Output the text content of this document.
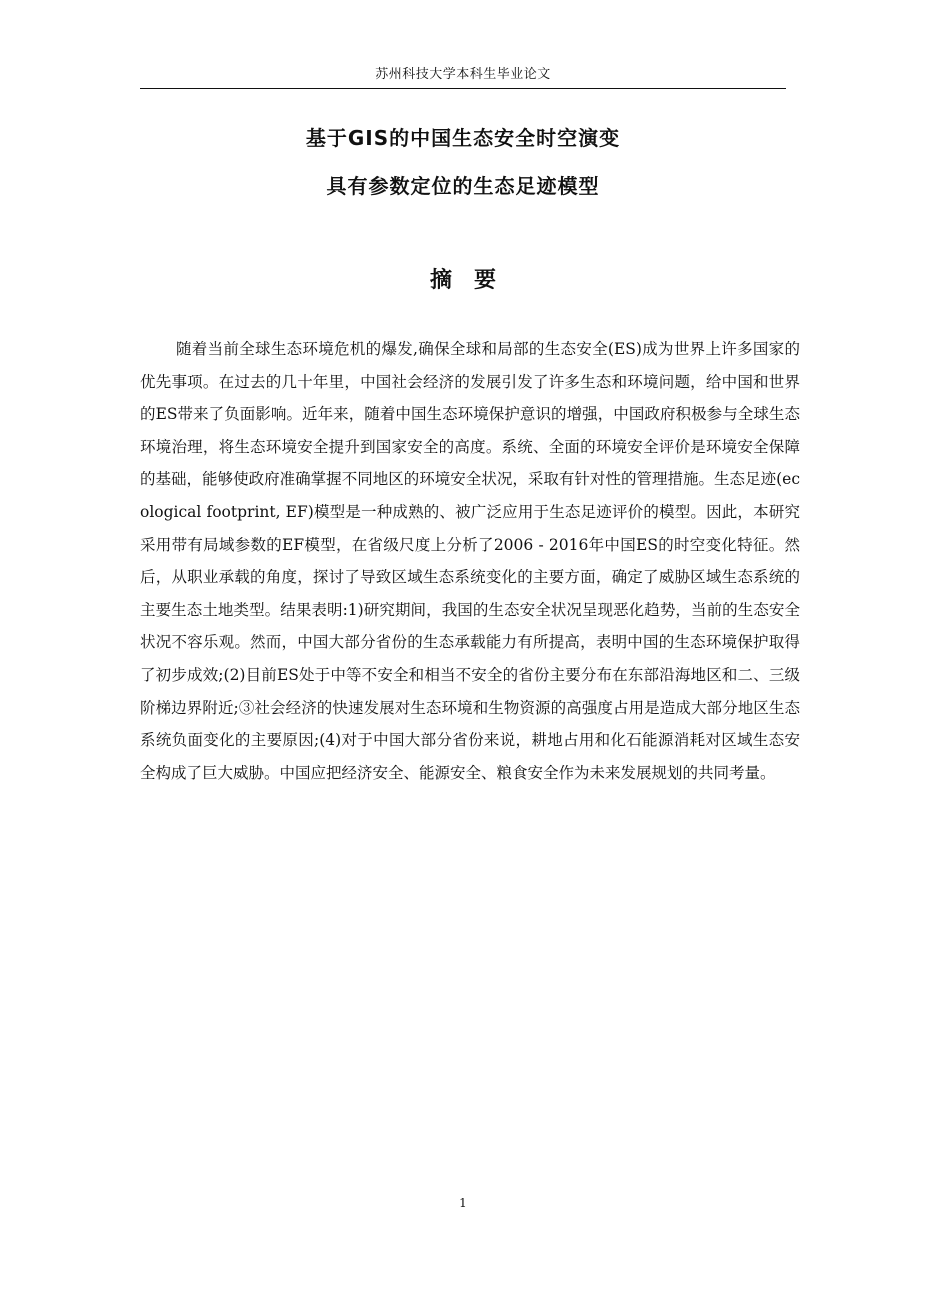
苏州科技大学本科生毕业论文
基于GIS的中国生态安全时空演变
具有参数定位的生态足迹模型
摘要

随着当前全球生态环境危机的爆发,确保全球和局部的生态安全(ES)成为世界上许多国家的优先事项。在过去的几十年里，中国社会经济的发展引发了许多生态和环境问题，给中国和世界的ES带来了负面影响。近年来，随着中国生态环境保护意识的增强，中国政府积极参与全球生态环境治理，将生态环境安全提升到国家安全的高度。系统、全面的环境安全评价是环境安全保障的基础，能够使政府准确掌握不同地区的环境安全状况，采取有针对性的管理措施。生态足迹(ecological footprint, EF)模型是一种成熟的、被广泛应用于生态足迹评价的模型。因此，本研究采用带有局域参数的EF模型，在省级尺度上分析了2006 - 2016年中国ES的时空变化特征。然后，从职业承载的角度，探讨了导致区域生态系统变化的主要方面，确定了威胁区域生态系统的主要生态土地类型。结果表明:1)研究期间，我国的生态安全状况呈现恶化趋势，当前的生态安全状况不容乐观。然而，中国大部分省份的生态承载能力有所提高，表明中国的生态环境保护取得了初步成效;(2)目前ES处于中等不安全和相当不安全的省份主要分布在东部沿海地区和二、三级阶梯边界附近;③社会经济的快速发展对生态环境和生物资源的高强度占用是造成大部分地区生态系统负面变化的主要原因;(4)对于中国大部分省份来说，耕地占用和化石能源消耗对区域生态安全构成了巨大威胁。中国应把经济安全、能源安全、粮食安全作为未来发展规划的共同考量。

1
